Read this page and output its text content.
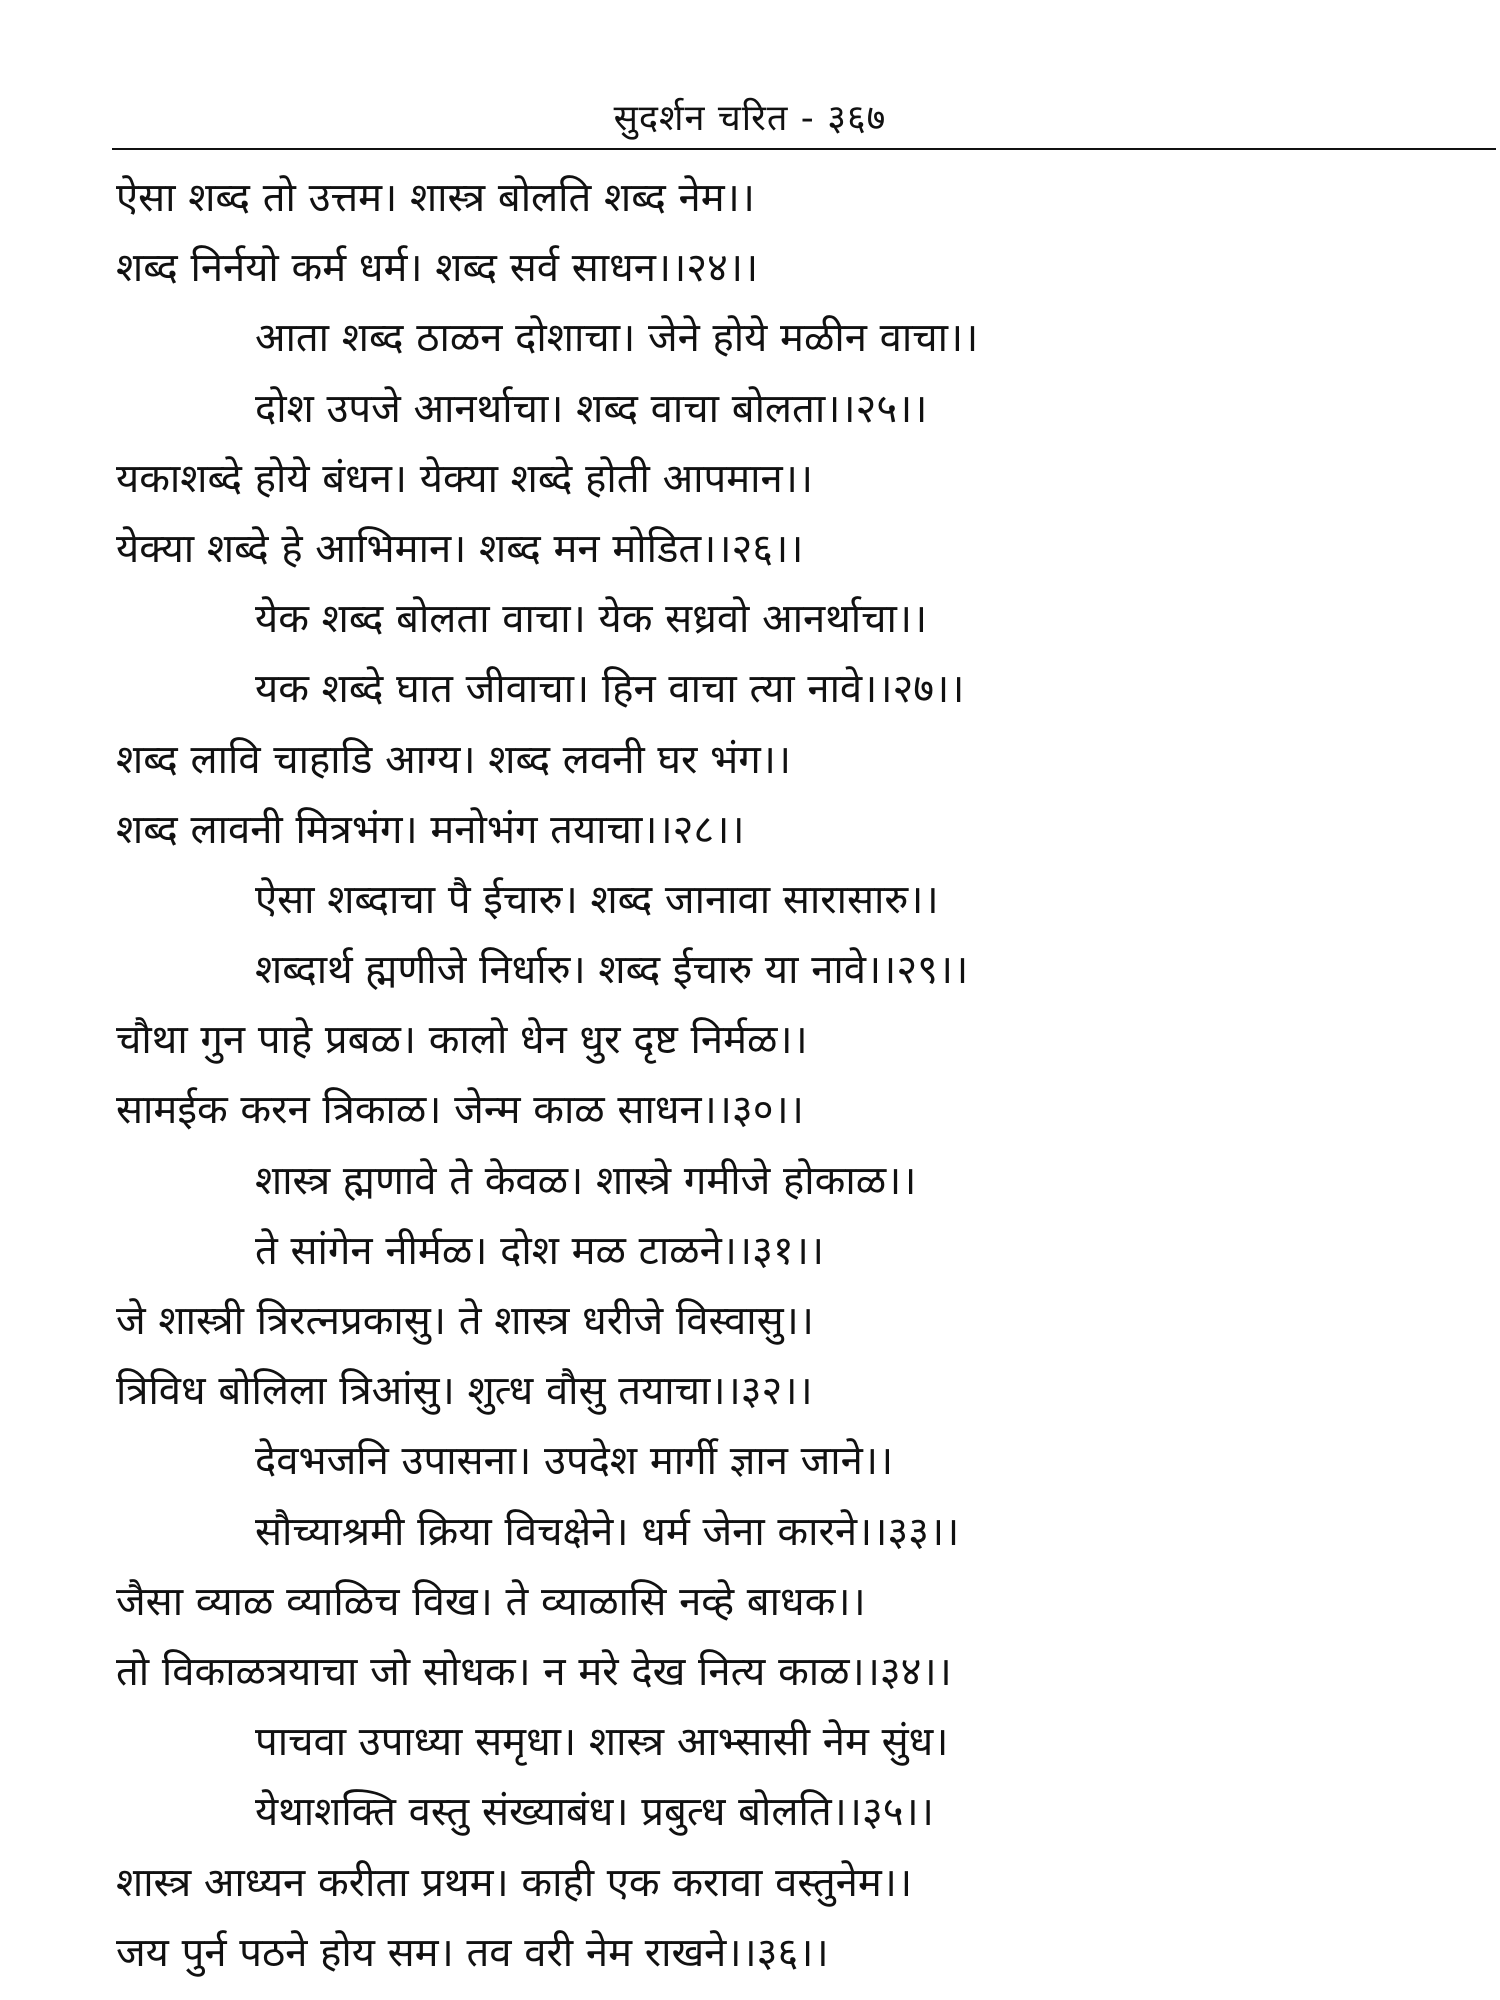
सुदर्शन चरित - ३६७
ऐसा शब्द तो उत्तम। शास्त्र बोलति शब्द नेम।।
शब्द निर्नयो कर्म धर्म। शब्द सर्व साधन।।२४।।
आता शब्द ठाळन दोशाचा। जेने होये मळीन वाचा।।
दोश उपजे आनर्थाचा। शब्द वाचा बोलता।।२५।।
यकाशब्दे होये बंधन। येक्या शब्दे होती आपमान।।
येक्या शब्दे हे आभिमान। शब्द मन मोडित।।२६।।
येक शब्द बोलता वाचा। येक सध्रवो आनर्थाचा।।
यक शब्दे घात जीवाचा। हिन वाचा त्या नावे।।२७।।
शब्द लावि चाहाडि आग्य। शब्द लवनी घर भंग।।
शब्द लावनी मित्रभंग। मनोभंग तयाचा।।२८।।
ऐसा शब्दाचा पै ईचारु। शब्द जानावा सारासारु।।
शब्दार्थ ह्मणीजे निर्धारु। शब्द ईचारु या नावे।।२९।।
चौथा गुन पाहे प्रबळ। कालो धेन धुर दृष्ट निर्मळ।।
सामईक करन त्रिकाळ। जेन्म काळ साधन।।३०।।
शास्त्र ह्मणावे ते केवळ। शास्त्रे गमीजे होकाळ।।
ते सांगेन नीर्मळ। दोश मळ टाळने।।३१।।
जे शास्त्री त्रिरत्नप्रकासु। ते शास्त्र धरीजे विस्वासु।।
त्रिविध बोलिला त्रिआंसु। शुत्ध वौसु तयाचा।।३२।।
देवभजनि उपासना। उपदेश मार्गी ज्ञान जाने।।
सौच्याश्रमी क्रिया विचक्षेने। धर्म जेना कारने।।३३।।
जैसा व्याळ व्याळिच विख। ते व्याळासि नव्हे बाधक।।
तो विकाळत्रयाचा जो सोधक। न मरे देख नित्य काळ।।३४।।
पाचवा उपाध्या समृधा। शास्त्र आभ्सासी नेम सुंध।
येथाशक्ति वस्तु संख्याबंध। प्रबुत्ध बोलति।।३५।।
शास्त्र आध्यन करीता प्रथम। काही एक करावा वस्तुनेम।।
जय पुर्न पठने होय सम। तव वरी नेम राखने।।३६।।
